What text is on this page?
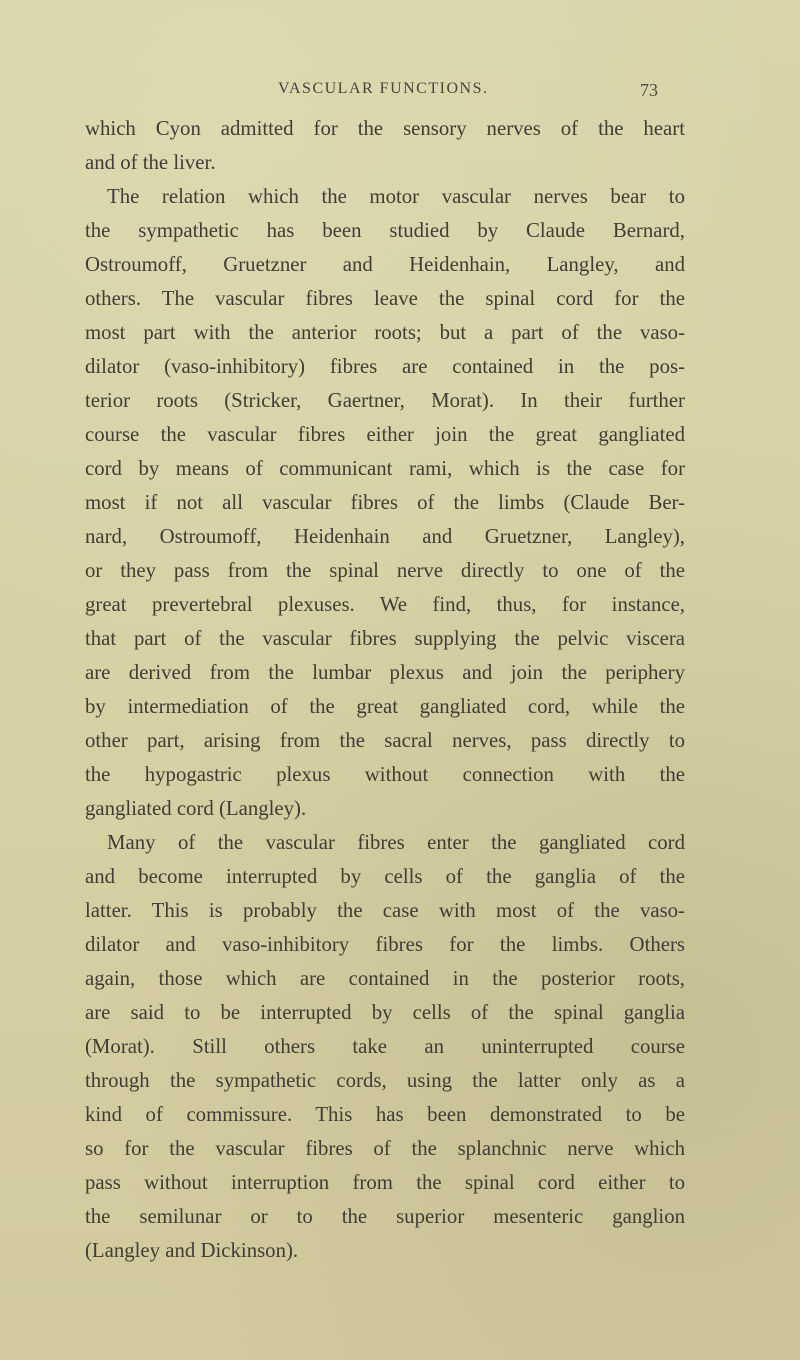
VASCULAR FUNCTIONS.	73
which Cyon admitted for the sensory nerves of the heart
and of the liver.
The relation which the motor vascular nerves bear to
the sympathetic has been studied by Claude Bernard,
Ostroumoff, Gruetzner and Heidenhain, Langley, and
others. The vascular fibres leave the spinal cord for the
most part with the anterior roots; but a part of the vaso-
dilator (vaso-inhibitory) fibres are contained in the pos-
terior roots (Stricker, Gaertner, Morat). In their further
course the vascular fibres either join the great gangliated
cord by means of communicant rami, which is the case for
most if not all vascular fibres of the limbs (Claude Ber-
nard, Ostroumoff, Heidenhain and Gruetzner, Langley),
or they pass from the spinal nerve directly to one of the
great prevertebral plexuses. We find, thus, for instance,
that part of the vascular fibres supplying the pelvic viscera
are derived from the lumbar plexus and join the periphery
by intermediation of the great gangliated cord, while the
other part, arising from the sacral nerves, pass directly to
the hypogastric plexus without connection with the
gangliated cord (Langley).
Many of the vascular fibres enter the gangliated cord
and become interrupted by cells of the ganglia of the
latter. This is probably the case with most of the vaso-
dilator and vaso-inhibitory fibres for the limbs. Others
again, those which are contained in the posterior roots,
are said to be interrupted by cells of the spinal ganglia
(Morat). Still others take an uninterrupted course
through the sympathetic cords, using the latter only as a
kind of commissure. This has been demonstrated to be
so for the vascular fibres of the splanchnic nerve which
pass without interruption from the spinal cord either to
the semilunar or to the superior mesenteric ganglion
(Langley and Dickinson).
